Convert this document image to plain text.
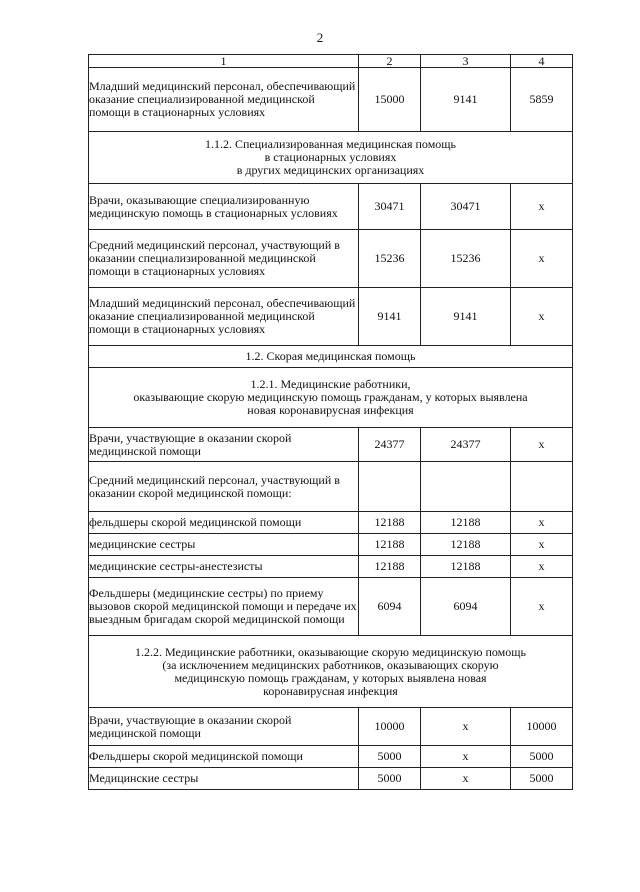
2
1	2	3	4
Младший медицинский персонал, обеспечивающий оказание специализированной медицинской помощи в стационарных условиях	15000	9141	5859
1.1.2. Специализированная медицинская помощь
в стационарных условиях
в других медицинских организациях			
Врачи, оказывающие специализированную медицинскую помощь в стационарных условиях	30471	30471	x
Средний медицинский персонал, участвующий в оказании специализированной медицинской помощи в стационарных условиях	15236	15236	x
Младший медицинский персонал, обеспечивающий оказание специализированной медицинской помощи в стационарных условиях	9141	9141	x
1.2. Скорая медицинская помощь			
1.2.1. Медицинские работники,
оказывающие скорую медицинскую помощь гражданам, у которых выявлена
новая коронавирусная инфекция			
Врачи, участвующие в оказании скорой медицинской помощи	24377	24377	x
Средний медицинский персонал, участвующий в оказании скорой медицинской помощи:			
фельдшеры скорой медицинской помощи	12188	12188	x
медицинские сестры	12188	12188	x
медицинские сестры-анестезисты	12188	12188	x
Фельдшеры (медицинские сестры) по приему вызовов скорой медицинской помощи и передаче их выездным бригадам скорой медицинской помощи	6094	6094	x
1.2.2. Медицинские работники, оказывающие скорую медицинскую помощь
(за исключением медицинских работников, оказывающих скорую
медицинскую помощь гражданам, у которых выявлена новая
коронавирусная инфекция			
Врачи, участвующие в оказании скорой медицинской помощи	10000	x	10000
Фельдшеры скорой медицинской помощи	5000	x	5000
Медицинские сестры	5000	x	5000
